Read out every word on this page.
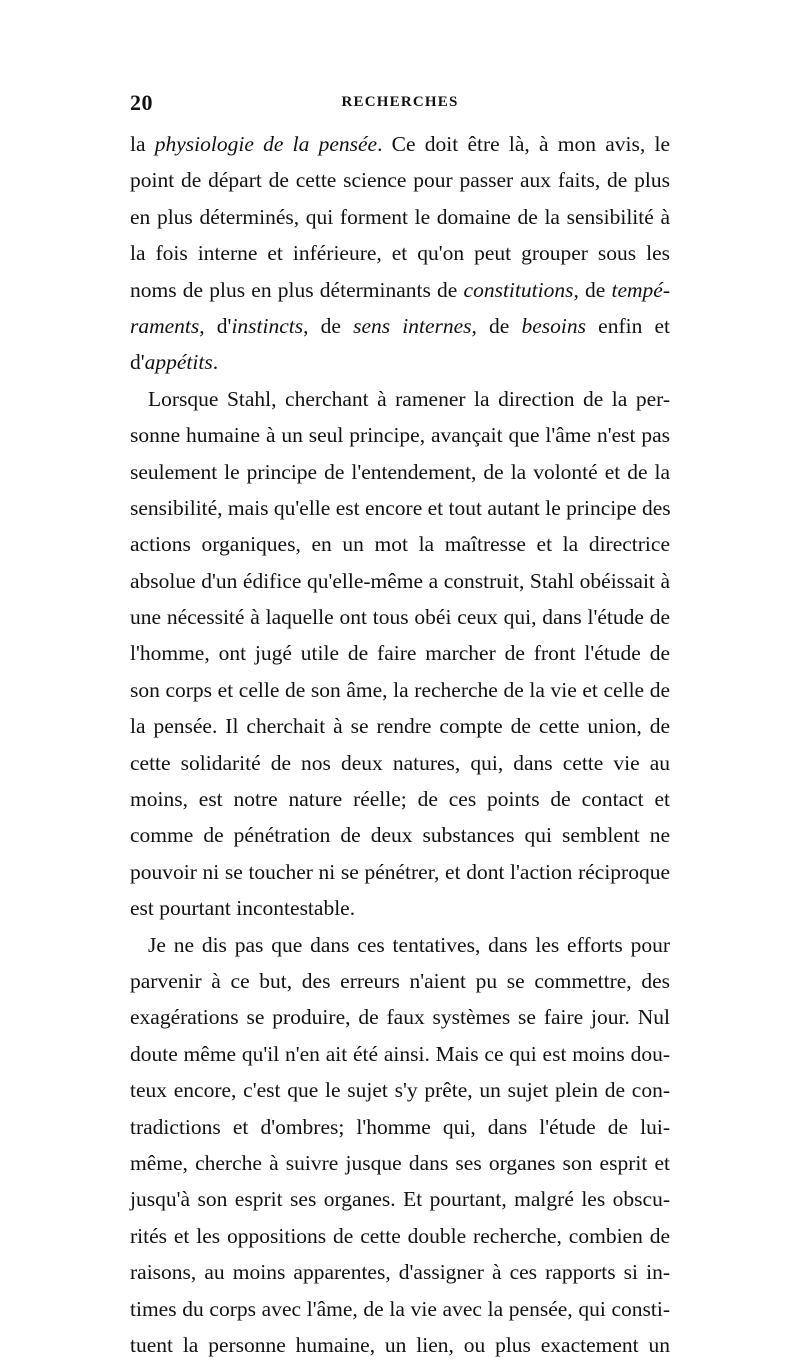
20	RECHERCHES
la physiologie de la pensée. Ce doit être là, à mon avis, le
point de départ de cette science pour passer aux faits, de plus
en plus déterminés, qui forment le domaine de la sensibilité à
la fois interne et inférieure, et qu'on peut grouper sous les
noms de plus en plus déterminants de constitutions, de tempé-
raments, d'instincts, de sens internes, de besoins enfin et
d'appétits.
Lorsque Stahl, cherchant à ramener la direction de la per-
sonne humaine à un seul principe, avançait que l'âme n'est pas
seulement le principe de l'entendement, de la volonté et de la
sensibilité, mais qu'elle est encore et tout autant le principe des
actions organiques, en un mot la maîtresse et la directrice
absolue d'un édifice qu'elle-même a construit, Stahl obéissait à
une nécessité à laquelle ont tous obéi ceux qui, dans l'étude de
l'homme, ont jugé utile de faire marcher de front l'étude de
son corps et celle de son âme, la recherche de la vie et celle de
la pensée. Il cherchait à se rendre compte de cette union, de
cette solidarité de nos deux natures, qui, dans cette vie au
moins, est notre nature réelle; de ces points de contact et
comme de pénétration de deux substances qui semblent ne
pouvoir ni se toucher ni se pénétrer, et dont l'action réciproque
est pourtant incontestable.
Je ne dis pas que dans ces tentatives, dans les efforts pour
parvenir à ce but, des erreurs n'aient pu se commettre, des
exagérations se produire, de faux systèmes se faire jour. Nul
doute même qu'il n'en ait été ainsi. Mais ce qui est moins dou-
teux encore, c'est que le sujet s'y prête, un sujet plein de con-
tradictions et d'ombres; l'homme qui, dans l'étude de lui-
même, cherche à suivre jusque dans ses organes son esprit et
jusqu'à son esprit ses organes. Et pourtant, malgré les obscu-
rités et les oppositions de cette double recherche, combien de
raisons, au moins apparentes, d'assigner à ces rapports si in-
times du corps avec l'âme, de la vie avec la pensée, qui consti-
tuent la personne humaine, un lien, ou plus exactement un
